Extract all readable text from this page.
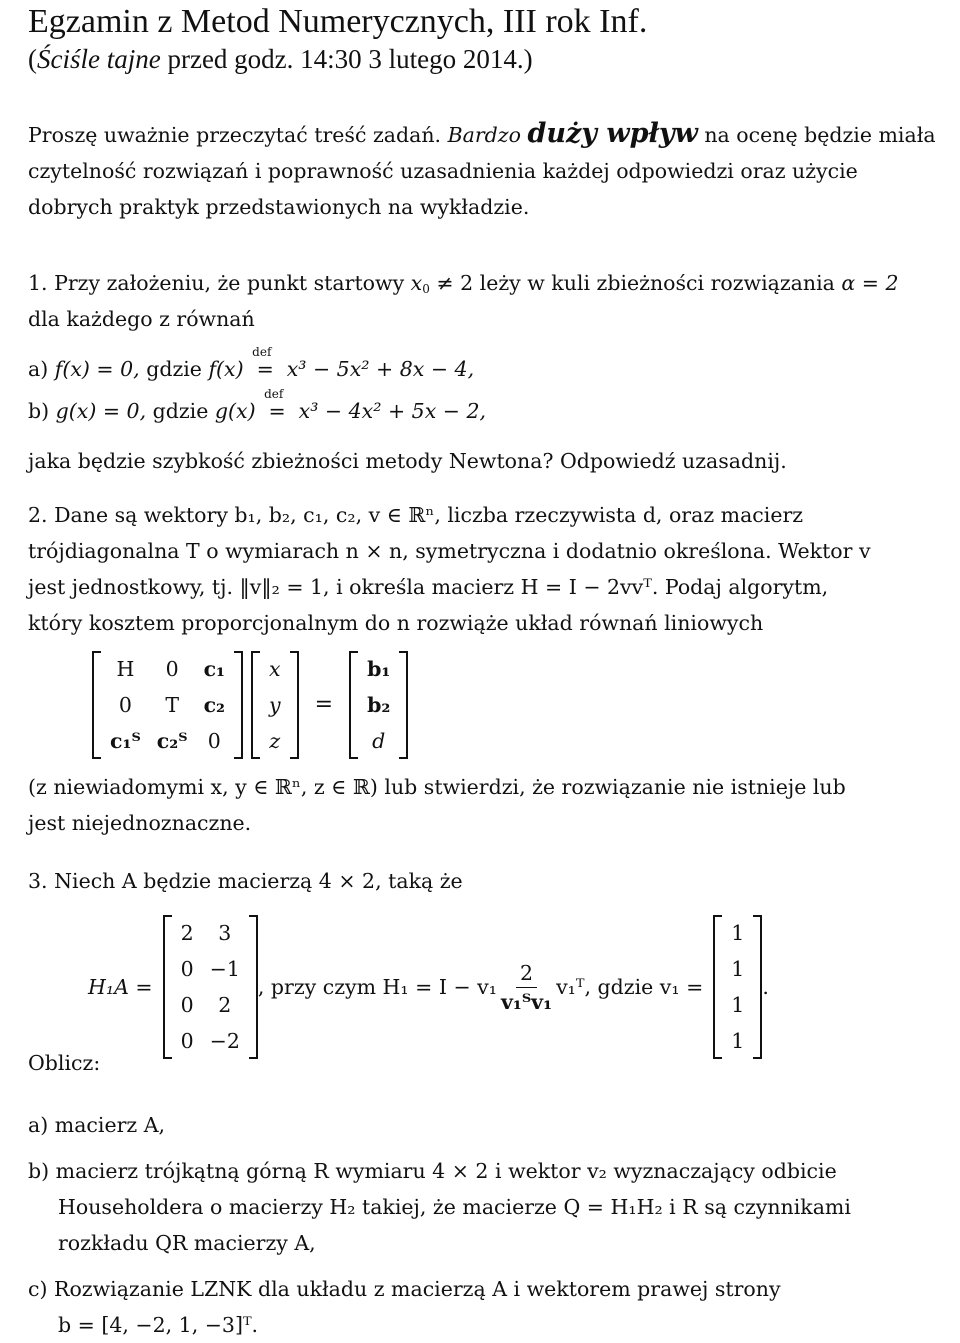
Egzamin z Metod Numerycznych, III rok Inf.
(Ściśle tajne przed godz. 14:30 3 lutego 2014.)
Proszę uważnie przeczytać treść zadań. Bardzo duży wpływ na ocenę będzie miała czytelność rozwiązań i poprawność uzasadnienia każdej odpowiedzi oraz użycie dobrych praktyk przedstawionych na wykładzie.
1. Przy założeniu, że punkt startowy $x_0 \ne 2$ leży w kuli zbieżności rozwiązania α = 2
dla każdego z równań
a) f(x) = 0, gdzie f(x)
def
= x³ − 5x² + 8x − 4,
b) g(x) = 0, gdzie g(x)
def
= x³ − 4x² + 5x − 2,
jaka będzie szybkość zbieżności metody Newtona? Odpowiedź uzasadnij.
2. Dane są wektory b₁, b₂, c₁, c₂, v ∈ ℝⁿ, liczba rzeczywista d, oraz macierz
trójdiagonalna T o wymiarach n × n, symetryczna i dodatnio określona. Wektor v
jest jednostkowy, tj. ‖v‖₂ = 1, i określa macierz H = I − 2vvᵀ. Podaj algorytm,
który kosztem proporcjonalnym do n rozwiąże układ równań liniowych
H	0	c₁
0	T	c₂
c₁ᵀ	c₂ᵀ	0
x
y
z
=
b₁
b₂
d
(z niewiadomymi x, y ∈ ℝⁿ, z ∈ ℝ) lub stwierdzi, że rozwiązanie nie istnieje lub
jest niejednoznaczne.
3. Niech A będzie macierzą 4 × 2, taką że
H₁A =
2	3
0	−1
0	2
0	−2
, przy czym $H_1 = I - v_1 \frac{2}{\text{v₁ᵀv₁}}$ v₁ᵀ, gdzie v₁ =
1
1
1
1
.
Oblicz:
a) macierz A,
b) macierz trójkątną górną R wymiaru 4 × 2 i wektor v₂ wyznaczający odbicie
Householdera o macierzy H₂ takiej, że macierze Q = H₁H₂ i R są czynnikami
rozkładu QR macierzy A,
c) Rozwiązanie LZNK dla układu z macierzą A i wektorem prawej strony
b = [4, −2, 1, −3]ᵀ.
